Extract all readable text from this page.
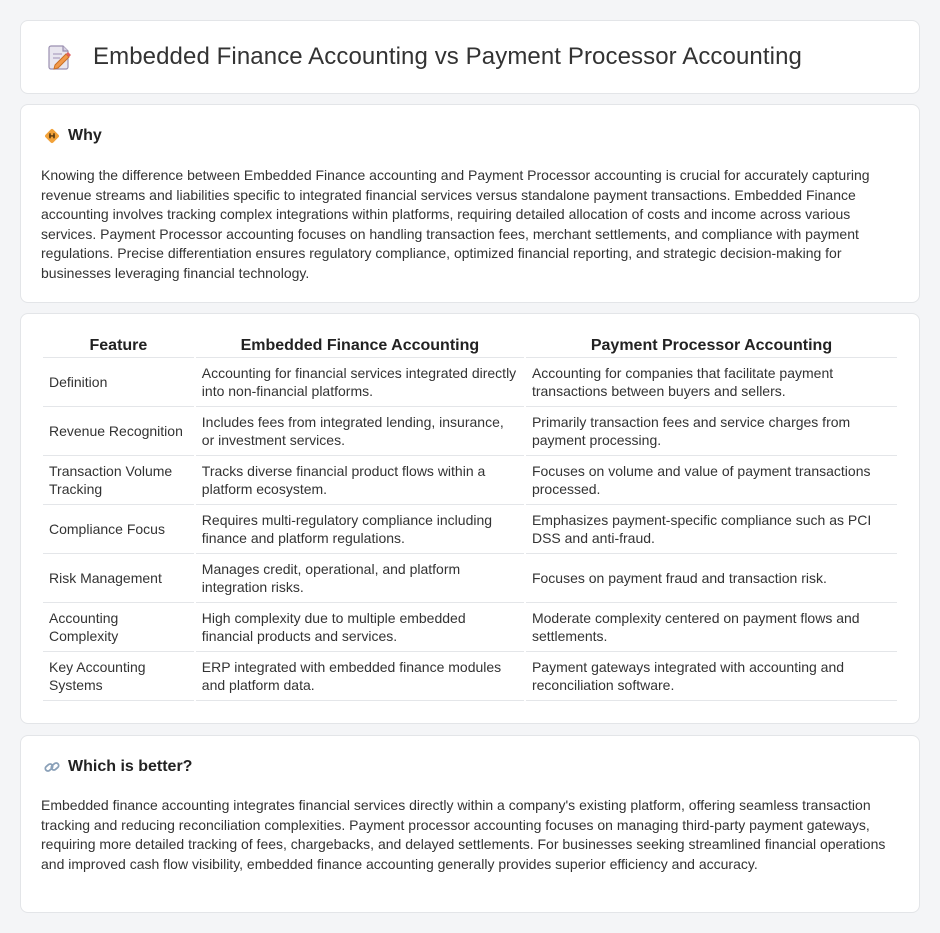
Embedded Finance Accounting vs Payment Processor Accounting
Why

Knowing the difference between Embedded Finance accounting and Payment Processor accounting is crucial for accurately capturing revenue streams and liabilities specific to integrated financial services versus standalone payment transactions. Embedded Finance accounting involves tracking complex integrations within platforms, requiring detailed allocation of costs and income across various services. Payment Processor accounting focuses on handling transaction fees, merchant settlements, and compliance with payment regulations. Precise differentiation ensures regulatory compliance, optimized financial reporting, and strategic decision-making for businesses leveraging financial technology.

Feature	Embedded Finance Accounting	Payment Processor Accounting
Definition	Accounting for financial services integrated directly into non-financial platforms.	Accounting for companies that facilitate payment transactions between buyers and sellers.
Revenue Recognition	Includes fees from integrated lending, insurance, or investment services.	Primarily transaction fees and service charges from payment processing.
Transaction Volume Tracking	Tracks diverse financial product flows within a platform ecosystem.	Focuses on volume and value of payment transactions processed.
Compliance Focus	Requires multi-regulatory compliance including finance and platform regulations.	Emphasizes payment-specific compliance such as PCI DSS and anti-fraud.
Risk Management	Manages credit, operational, and platform integration risks.	Focuses on payment fraud and transaction risk.
Accounting Complexity	High complexity due to multiple embedded financial products and services.	Moderate complexity centered on payment flows and settlements.
Key Accounting Systems	ERP integrated with embedded finance modules and platform data.	Payment gateways integrated with accounting and reconciliation software.
Which is better?

Embedded finance accounting integrates financial services directly within a company's existing platform, offering seamless transaction tracking and reducing reconciliation complexities. Payment processor accounting focuses on managing third-party payment gateways, requiring more detailed tracking of fees, chargebacks, and delayed settlements. For businesses seeking streamlined financial operations and improved cash flow visibility, embedded finance accounting generally provides superior efficiency and accuracy.
